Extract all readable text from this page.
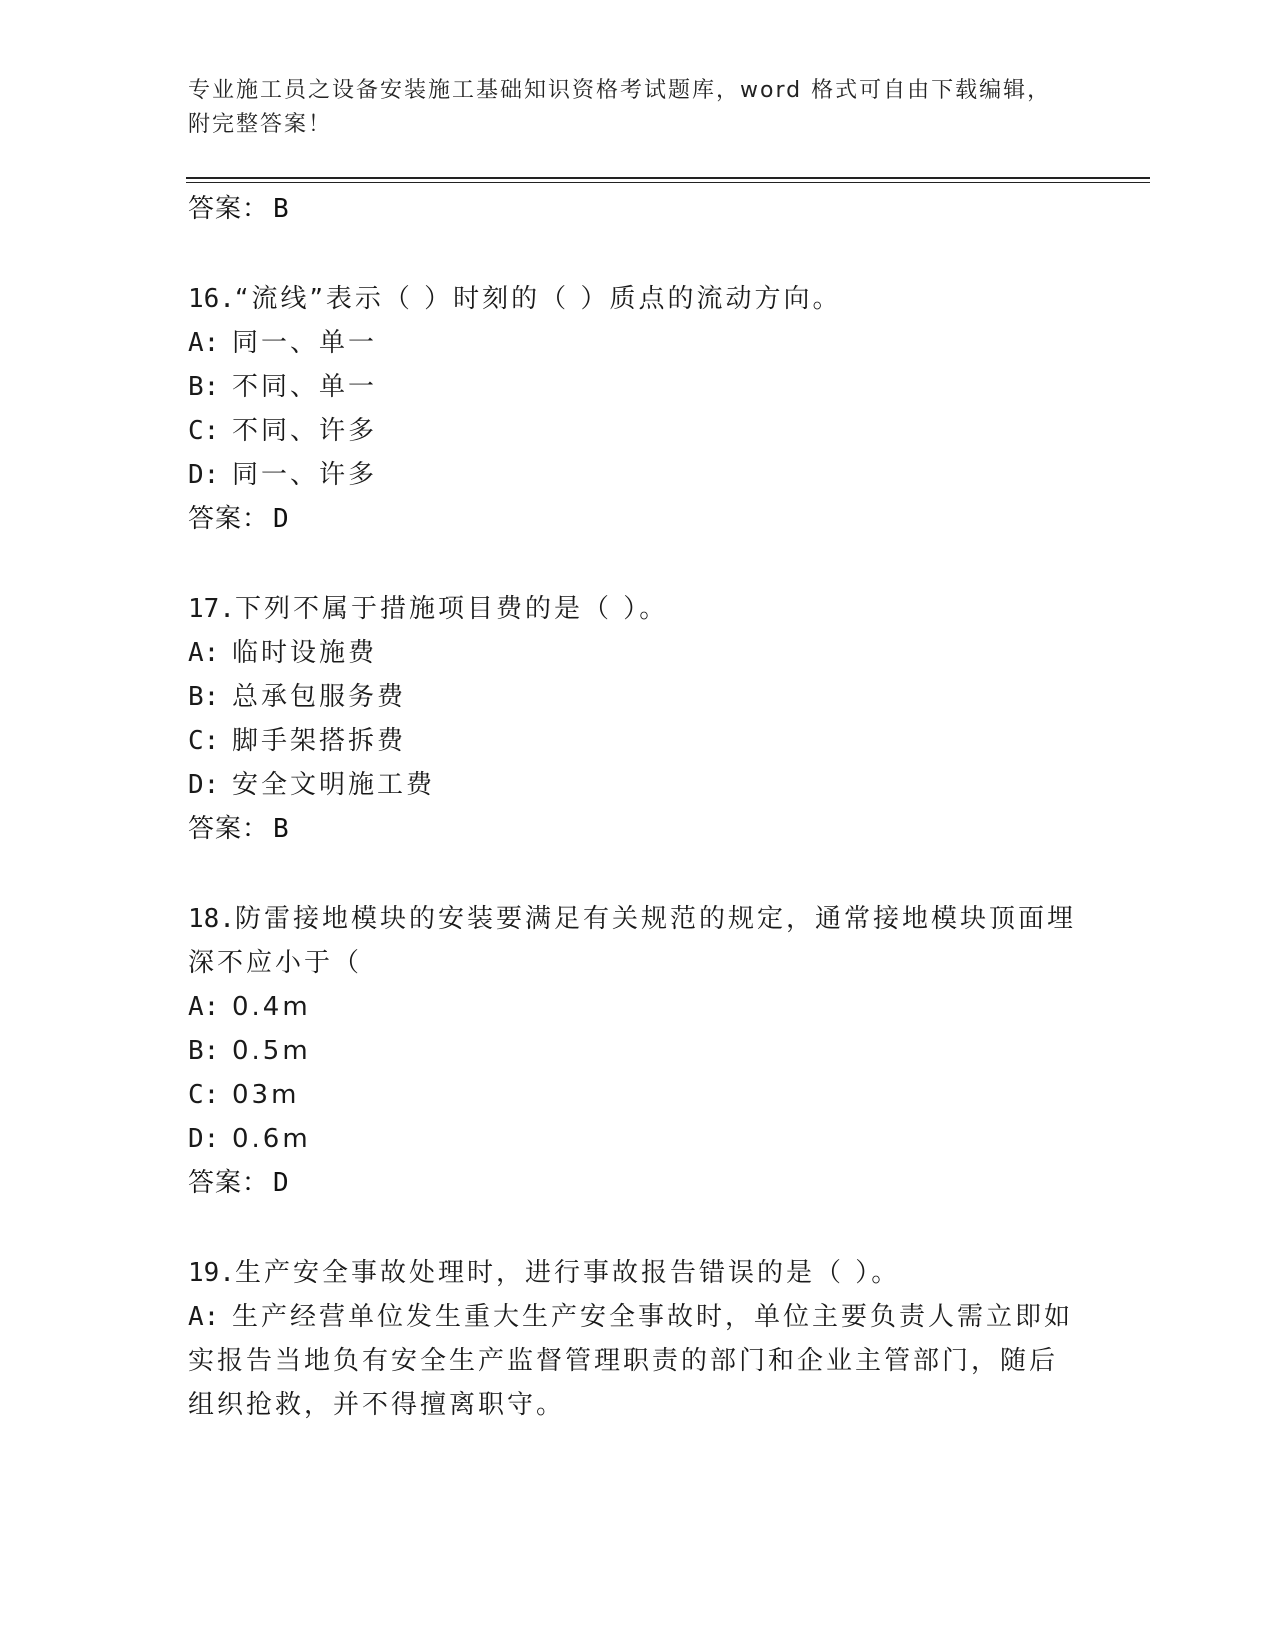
专业施工员之设备安装施工基础知识资格考试题库，word 格式可自由下载编辑，
附完整答案！
答案： B
16.“流线”表示（ ）时刻的（ ）质点的流动方向。
A: 同一、单一
B: 不同、单一
C: 不同、许多
D: 同一、许多
答案： D
17.下列不属于措施项目费的是（ ）。
A: 临时设施费
B: 总承包服务费
C: 脚手架搭拆费
D: 安全文明施工费
答案： B
18.防雷接地模块的安装要满足有关规范的规定，通常接地模块顶面埋
深不应小于（
A: 0.4m
B: 0.5m
C: 03m
D: 0.6m
答案： D
19.生产安全事故处理时，进行事故报告错误的是（ ）。
A: 生产经营单位发生重大生产安全事故时，单位主要负责人需立即如
实报告当地负有安全生产监督管理职责的部门和企业主管部门，随后
组织抢救，并不得擅离职守。
